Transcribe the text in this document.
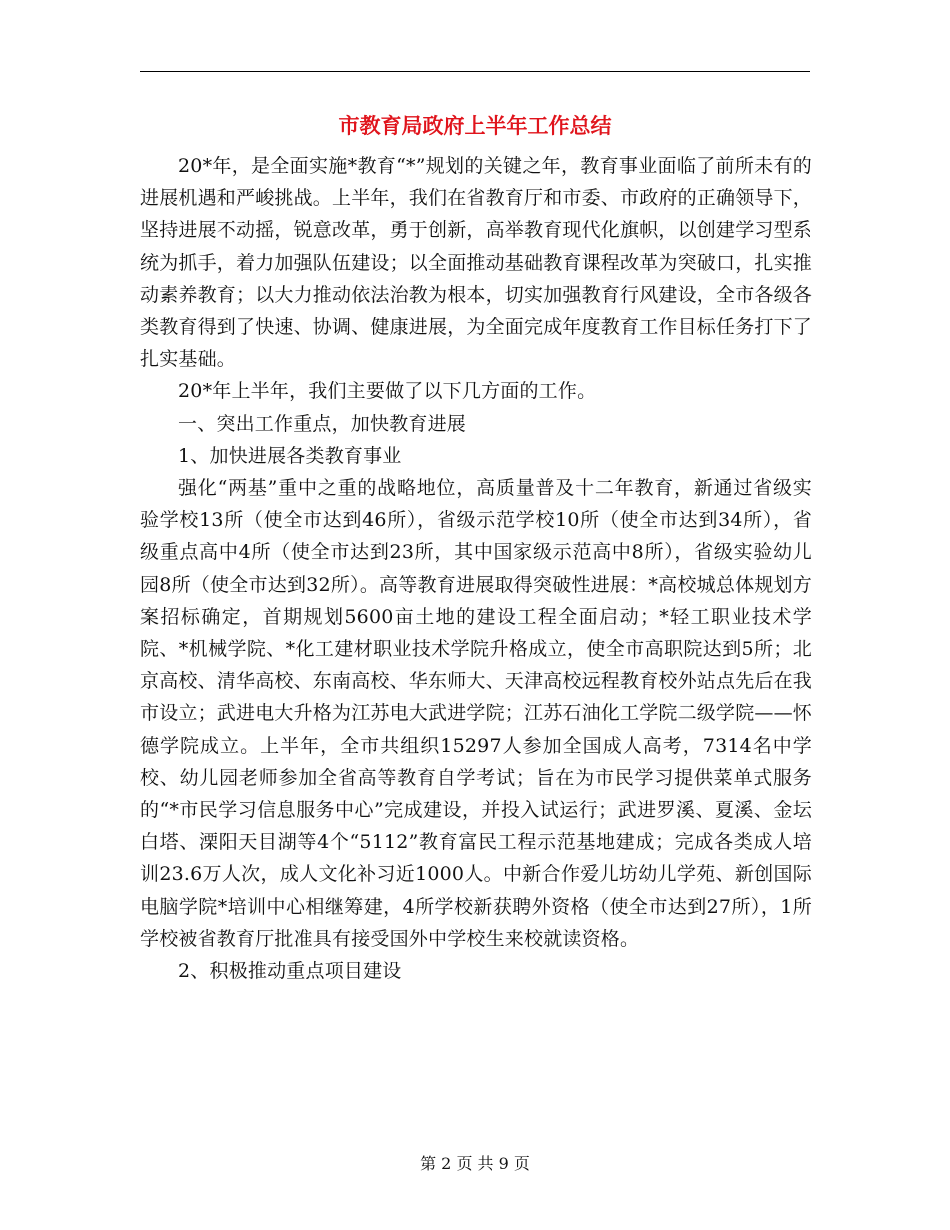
市教育局政府上半年工作总结

20*年，是全面实施*教育“*”规划的关键之年，教育事业面临了前所未有的进展机遇和严峻挑战。上半年，我们在省教育厅和市委、市政府的正确领导下，坚持进展不动摇，锐意改革，勇于创新，高举教育现代化旗帜，以创建学习型系统为抓手，着力加强队伍建设；以全面推动基础教育课程改革为突破口，扎实推动素养教育；以大力推动依法治教为根本，切实加强教育行风建设，全市各级各类教育得到了快速、协调、健康进展，为全面完成年度教育工作目标任务打下了扎实基础。

20*年上半年，我们主要做了以下几方面的工作。

一、突出工作重点，加快教育进展

1、加快进展各类教育事业

强化“两基”重中之重的战略地位，高质量普及十二年教育，新通过省级实验学校13所（使全市达到46所），省级示范学校10所（使全市达到34所），省级重点高中4所（使全市达到23所，其中国家级示范高中8所），省级实验幼儿园8所（使全市达到32所）。高等教育进展取得突破性进展：*高校城总体规划方案招标确定，首期规划5600亩土地的建设工程全面启动；*轻工职业技术学院、*机械学院、*化工建材职业技术学院升格成立，使全市高职院达到5所；北京高校、清华高校、东南高校、华东师大、天津高校远程教育校外站点先后在我市设立；武进电大升格为江苏电大武进学院；江苏石油化工学院二级学院——怀德学院成立。上半年，全市共组织15297人参加全国成人高考，7314名中学校、幼儿园老师参加全省高等教育自学考试；旨在为市民学习提供菜单式服务的“*市民学习信息服务中心”完成建设，并投入试运行；武进罗溪、夏溪、金坛白塔、溧阳天目湖等4个“5112”教育富民工程示范基地建成；完成各类成人培训23.6万人次，成人文化补习近1000人。中新合作爱儿坊幼儿学苑、新创国际电脑学院*培训中心相继筹建，4所学校新获聘外资格（使全市达到27所），1所学校被省教育厅批准具有接受国外中学校生来校就读资格。

2、积极推动重点项目建设

第 2 页 共 9 页
